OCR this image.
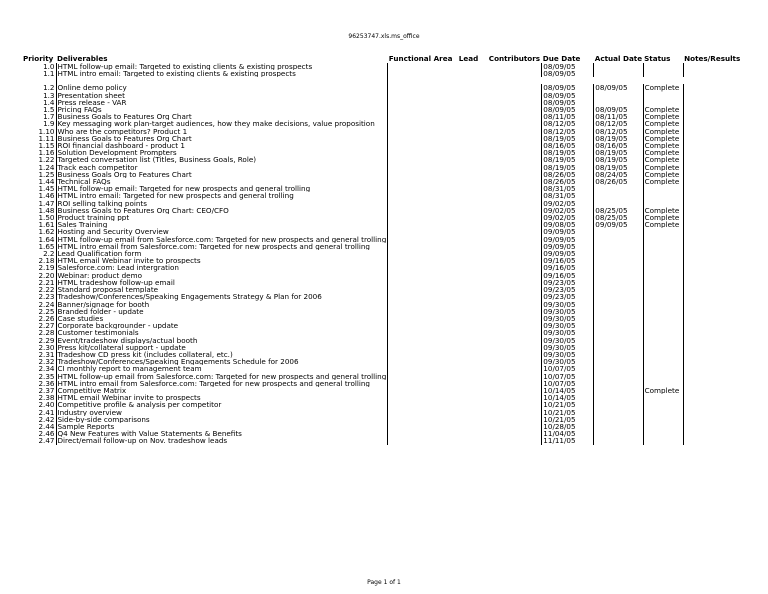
96253747.xls.ms_office
Priority	Deliverables	Functional Area	Lead	Contributors	Due Date	Actual Date	Status	Notes/Results
1.0	HTML follow-up email: Targeted to existing clients & existing prospects				08/09/05			
1.1	HTML intro email: Targeted to existing clients & existing prospects				08/09/05			

1.2	Online demo policy				08/09/05	08/09/05	Complete	
1.3	Presentation sheet				08/09/05			
1.4	Press release - VAR				08/09/05			
1.5	Pricing FAQs				08/09/05	08/09/05	Complete	
1.7	Business Goals to Features Org Chart				08/11/05	08/11/05	Complete	
1.9	Key messaging work plan-target audiences, how they make decisions, value proposition				08/12/05	08/12/05	Complete	
1.10	Who are the competitors? Product 1				08/12/05	08/12/05	Complete	
1.11	Business Goals to Features Org Chart				08/19/05	08/19/05	Complete	
1.15	ROI financial dashboard - product 1				08/16/05	08/16/05	Complete	
1.16	Solution Development Prompters				08/19/05	08/19/05	Complete	
1.22	Targeted conversation list (Titles, Business Goals, Role)				08/19/05	08/19/05	Complete	
1.24	Track each competitor				08/19/05	08/19/05	Complete	
1.25	Business Goals Org to Features Chart				08/26/05	08/24/05	Complete	
1.44	Technical FAQs				08/26/05	08/26/05	Complete	
1.45	HTML follow-up email: Targeted for new prospects and general trolling				08/31/05			
1.46	HTML intro email: Targeted for new prospects and general trolling				08/31/05			
1.47	ROI selling talking points				09/02/05			
1.48	Business Goals to Features Org Chart: CEO/CFO				09/02/05	08/25/05	Complete	
1.50	Product training ppt				09/02/05	08/25/05	Complete	
1.61	Sales Training				09/08/05	09/09/05	Complete	
1.62	Hosting and Security Overview				09/09/05			
1.64	HTML follow-up email from Salesforce.com: Targeted for new prospects and general trolling				09/09/05			
1.65	HTML intro email from Salesforce.com: Targeted for new prospects and general trolling				09/09/05			
2.2	Lead Qualification form				09/09/05			
2.18	HTML email Webinar invite to prospects				09/16/05			
2.19	Salesforce.com: Lead intergration				09/16/05			
2.20	Webinar: product demo				09/16/05			
2.21	HTML tradeshow follow-up email				09/23/05			
2.22	Standard proposal template				09/23/05			
2.23	Tradeshow/Conferences/Speaking Engagements Strategy & Plan for 2006				09/23/05			
2.24	Banner/signage for booth				09/30/05			
2.25	Branded folder - update				09/30/05			
2.26	Case studies				09/30/05			
2.27	Corporate backgrounder - update				09/30/05			
2.28	Customer testimonials				09/30/05			
2.29	Event/tradeshow displays/actual booth				09/30/05			
2.30	Press kit/collateral support - update				09/30/05			
2.31	Tradeshow CD press kit (includes collateral, etc.)				09/30/05			
2.32	Tradeshow/Conferences/Speaking Engagements Schedule for 2006				09/30/05			
2.34	CI monthly report to management team				10/07/05			
2.35	HTML follow-up email from Salesforce.com: Targeted for new prospects and general trolling				10/07/05			
2.36	HTML intro email from Salesforce.com: Targeted for new prospects and general trolling				10/07/05			
2.37	Competitive Matrix				10/14/05		Complete	
2.38	HTML email Webinar invite to prospects				10/14/05			
2.40	Competitive profile & analysis per competitor				10/21/05			
2.41	Industry overview				10/21/05			
2.42	Side-by-side comparisons				10/21/05			
2.44	Sample Reports				10/28/05			
2.46	Q4 New Features with Value Statements & Benefits				11/04/05			
2.47	Direct/email follow-up on Nov. tradeshow leads				11/11/05			
Page 1 of 1
